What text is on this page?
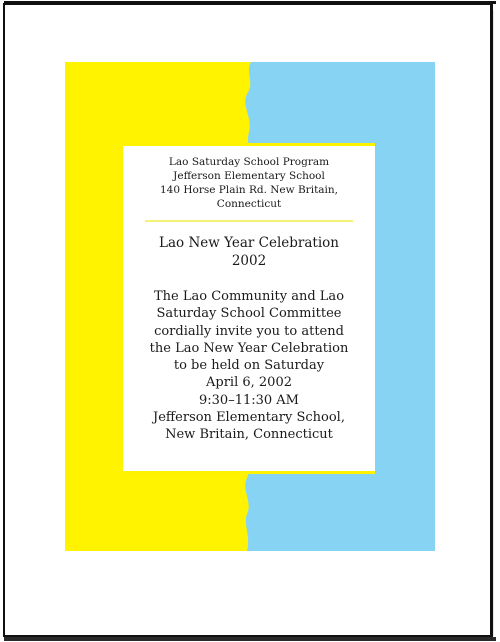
Lao Saturday School Program
Jefferson Elementary School
140 Horse Plain Rd. New Britain,
Connecticut
Lao New Year Celebration
2002
The Lao Community and Lao
Saturday School Committee
cordially invite you to attend
the Lao New Year Celebration
to be held on Saturday
April 6, 2002
9:30–11:30 AM
Jefferson Elementary School,
New Britain, Connecticut
